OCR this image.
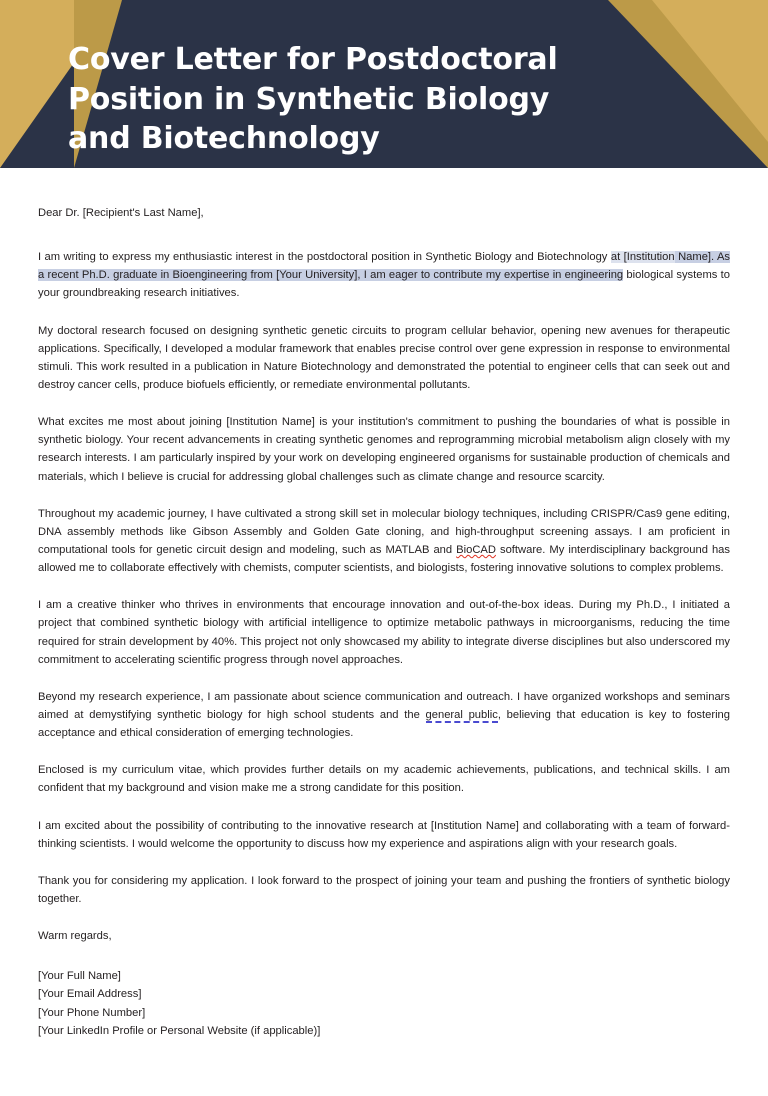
Cover Letter for Postdoctoral Position in Synthetic Biology and Biotechnology

Dear Dr. [Recipient's Last Name],

I am writing to express my enthusiastic interest in the postdoctoral position in Synthetic Biology and Biotechnology at [Institution Name]. As a recent Ph.D. graduate in Bioengineering from [Your University], I am eager to contribute my expertise in engineering biological systems to your groundbreaking research initiatives.

My doctoral research focused on designing synthetic genetic circuits to program cellular behavior, opening new avenues for therapeutic applications. Specifically, I developed a modular framework that enables precise control over gene expression in response to environmental stimuli. This work resulted in a publication in Nature Biotechnology and demonstrated the potential to engineer cells that can seek out and destroy cancer cells, produce biofuels efficiently, or remediate environmental pollutants.

What excites me most about joining [Institution Name] is your institution's commitment to pushing the boundaries of what is possible in synthetic biology. Your recent advancements in creating synthetic genomes and reprogramming microbial metabolism align closely with my research interests. I am particularly inspired by your work on developing engineered organisms for sustainable production of chemicals and materials, which I believe is crucial for addressing global challenges such as climate change and resource scarcity.

Throughout my academic journey, I have cultivated a strong skill set in molecular biology techniques, including CRISPR/Cas9 gene editing, DNA assembly methods like Gibson Assembly and Golden Gate cloning, and high-throughput screening assays. I am proficient in computational tools for genetic circuit design and modeling, such as MATLAB and BioCAD software. My interdisciplinary background has allowed me to collaborate effectively with chemists, computer scientists, and biologists, fostering innovative solutions to complex problems.

I am a creative thinker who thrives in environments that encourage innovation and out-of-the-box ideas. During my Ph.D., I initiated a project that combined synthetic biology with artificial intelligence to optimize metabolic pathways in microorganisms, reducing the time required for strain development by 40%. This project not only showcased my ability to integrate diverse disciplines but also underscored my commitment to accelerating scientific progress through novel approaches.

Beyond my research experience, I am passionate about science communication and outreach. I have organized workshops and seminars aimed at demystifying synthetic biology for high school students and the general public, believing that education is key to fostering acceptance and ethical consideration of emerging technologies.

Enclosed is my curriculum vitae, which provides further details on my academic achievements, publications, and technical skills. I am confident that my background and vision make me a strong candidate for this position.

I am excited about the possibility of contributing to the innovative research at [Institution Name] and collaborating with a team of forward-thinking scientists. I would welcome the opportunity to discuss how my experience and aspirations align with your research goals.

Thank you for considering my application. I look forward to the prospect of joining your team and pushing the frontiers of synthetic biology together.

Warm regards,

[Your Full Name]
[Your Email Address]
[Your Phone Number]
[Your LinkedIn Profile or Personal Website (if applicable)]
